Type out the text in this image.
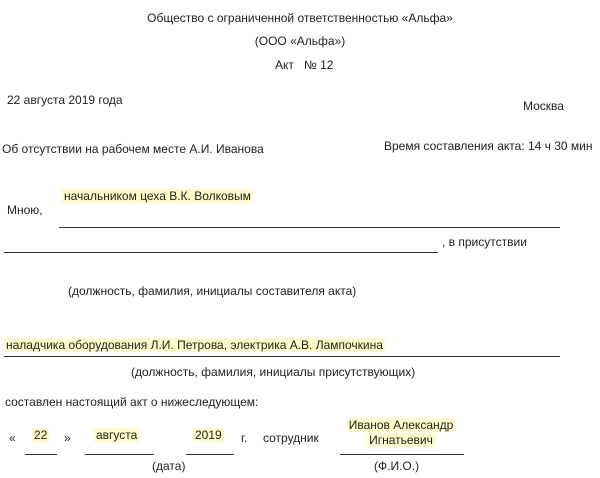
Общество с ограниченной ответственностью «Альфа»
(ООО «Альфа»)
Акт № 12
22 августа 2019 года	Москва
Об отсутствии на рабочем месте А.И. Иванова	Время составления акта: 14 ч 30 мин
Мною,
начальником цеха В.К. Волковым
, в присутствии
(должность, фамилия, инициалы составителя акта)
наладчика оборудования Л.И. Петрова, электрика А.В. Лампочкина
(должность, фамилия, инициалы присутствующих)
составлен настоящий акт о нижеследующем:
« 22 » августа	2019 г. сотрудник
Иванов Александр
Игнатьевич
(дата)	(Ф.И.О.)
